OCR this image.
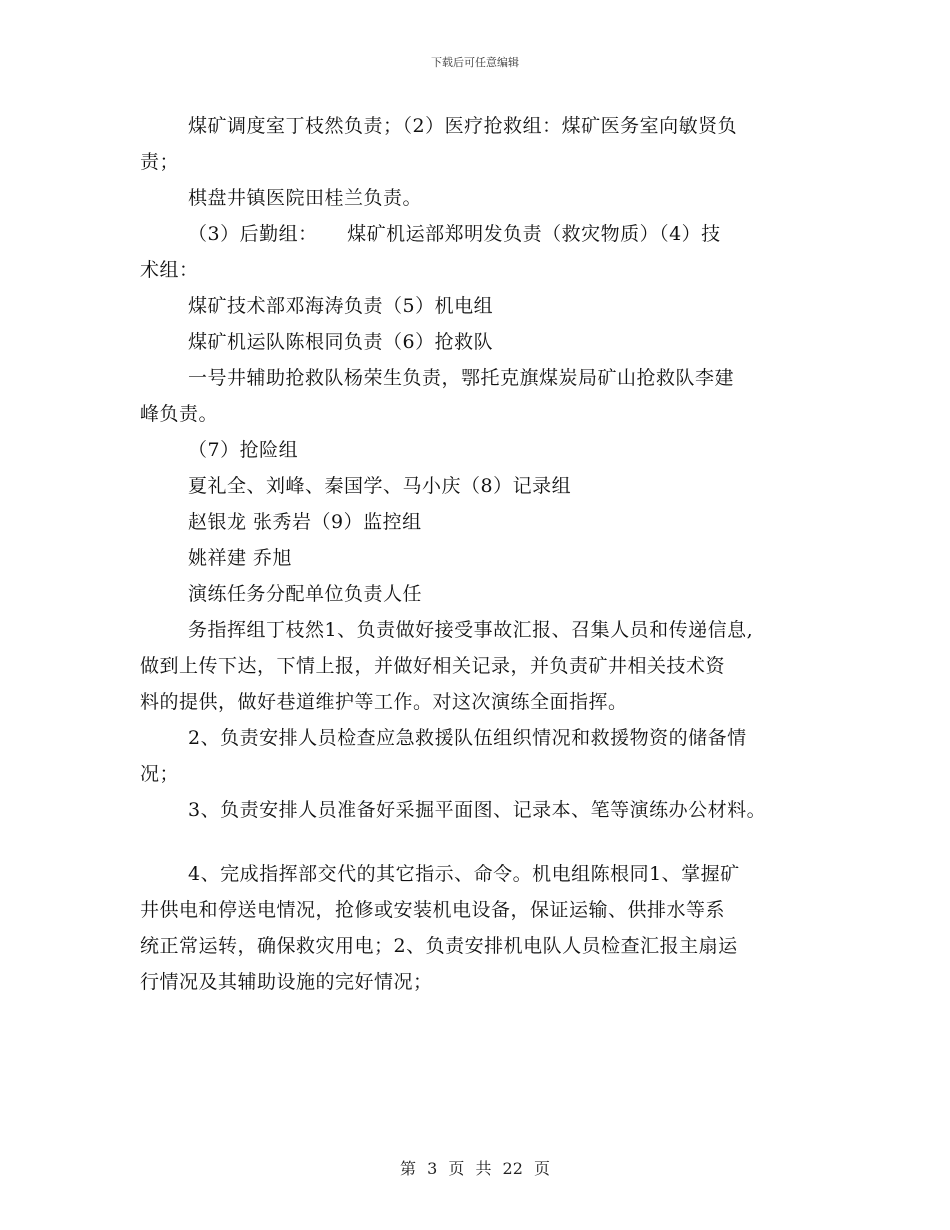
下载后可任意编辑
煤矿调度室丁枝然负责；（2）医疗抢救组：煤矿医务室向敏贤负
责；
棋盘井镇医院田桂兰负责。
（3）后勤组：　　煤矿机运部郑明发负责（救灾物质）（4）技
术组：
煤矿技术部邓海涛负责（5）机电组
煤矿机运队陈根同负责（6）抢救队
一号井辅助抢救队杨荣生负责，鄂托克旗煤炭局矿山抢救队李建
峰负责。
（7）抢险组
夏礼全、刘峰、秦国学、马小庆（8）记录组
赵银龙 张秀岩（9）监控组
姚祥建 乔旭
演练任务分配单位负责人任
务指挥组丁枝然1、负责做好接受事故汇报、召集人员和传递信息,
做到上传下达，下情上报，并做好相关记录，并负责矿井相关技术资
料的提供，做好巷道维护等工作。对这次演练全面指挥。
2、负责安排人员检查应急救援队伍组织情况和救援物资的储备情
况；
3、负责安排人员准备好采掘平面图、记录本、笔等演练办公材料。
4、完成指挥部交代的其它指示、命令。机电组陈根同1、掌握矿
井供电和停送电情况，抢修或安装机电设备，保证运输、供排水等系
统正常运转，确保救灾用电；2、负责安排机电队人员检查汇报主扇运
行情况及其辅助设施的完好情况；
第 3 页 共 22 页
